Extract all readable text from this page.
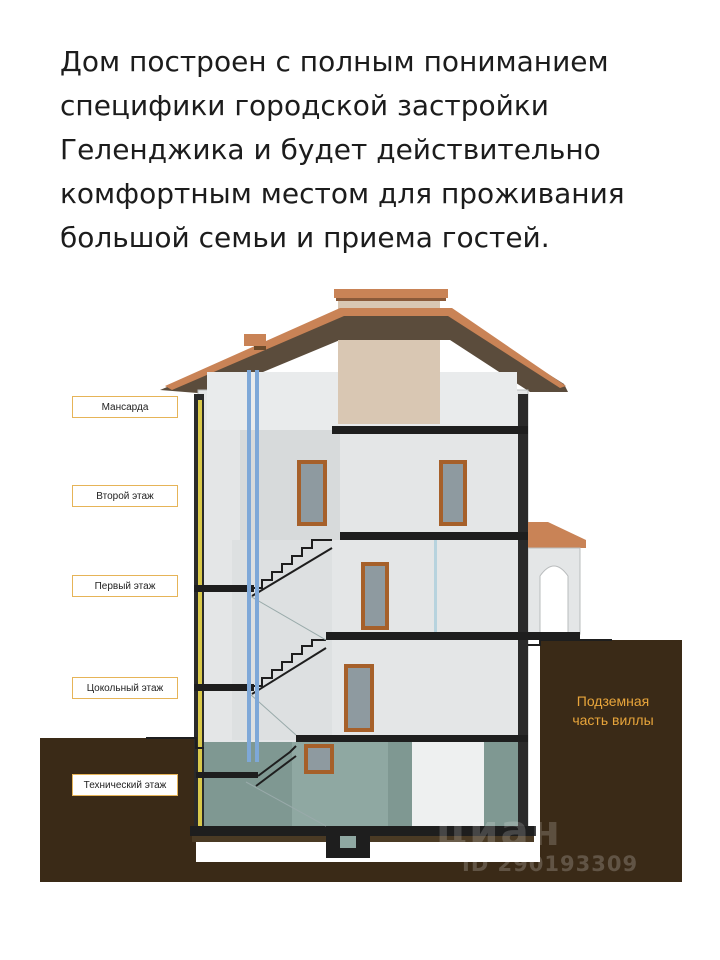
Дом построен с полным пониманием
специфики городской застройки
Геленджика и будет действительно
комфортным местом для проживания
большой семьи и приема гостей.
Мансарда
Второй этаж
Первый этаж
Цокольный этаж
Технический этаж
Подземная
часть виллы
циан
ID 290193309
